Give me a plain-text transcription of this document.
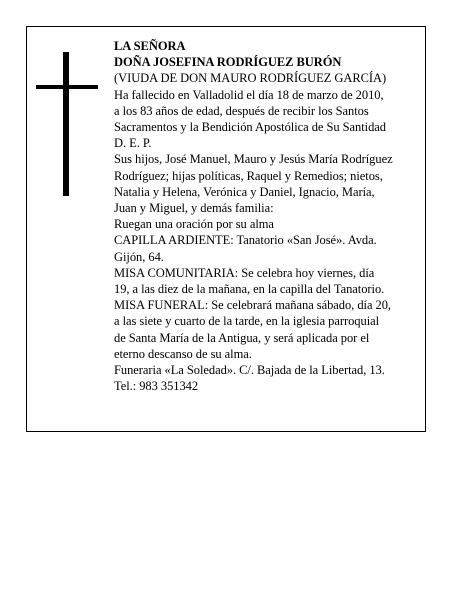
LA SEÑORA
DOÑA JOSEFINA RODRÍGUEZ BURÓN
(VIUDA DE DON MAURO RODRÍGUEZ GARCÍA)
Ha fallecido en Valladolid el día 18 de marzo de 2010,
a los 83 años de edad, después de recibir los Santos
Sacramentos y la Bendición Apostólica de Su Santidad
D. E. P.
Sus hijos, José Manuel, Mauro y Jesús María Rodríguez
Rodríguez; hijas políticas, Raquel y Remedios; nietos,
Natalia y Helena, Verónica y Daniel, Ignacio, María,
Juan y Miguel, y demás familia:
Ruegan una oración por su alma
CAPILLA ARDIENTE: Tanatorio «San José». Avda.
Gijón, 64.
MISA COMUNITARIA: Se celebra hoy viernes, día
19, a las diez de la mañana, en la capilla del Tanatorio.
MISA FUNERAL: Se celebrará mañana sábado, día 20,
a las siete y cuarto de la tarde, en la iglesia parroquial
de Santa María de la Antigua, y será aplicada por el
eterno descanso de su alma.
Funeraria «La Soledad». C/. Bajada de la Libertad, 13.
Tel.: 983 351342
